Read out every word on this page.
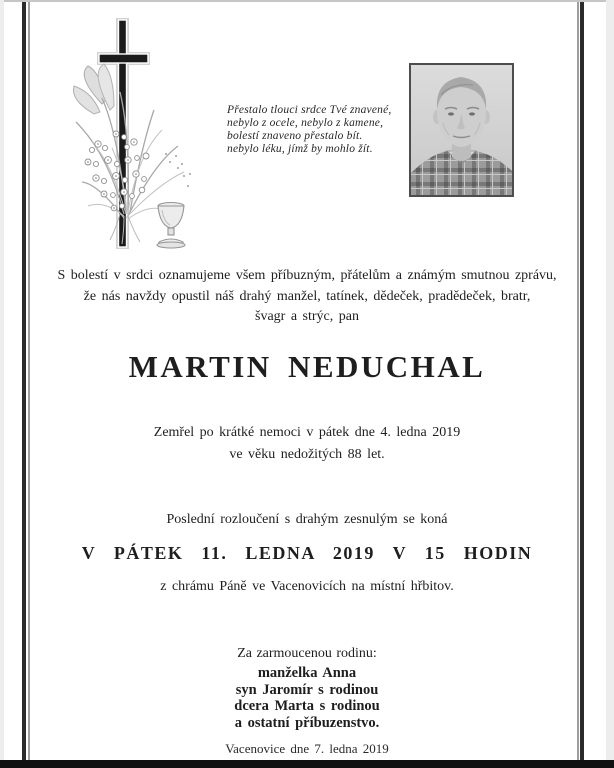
Přestalo tlouci srdce Tvé znavené,
nebylo z ocele, nebylo z kamene,
bolestí znaveno přestalo bít.
nebylo léku, jímž by mohlo žít.
S bolestí v srdci oznamujeme všem příbuzným, přátelům a známým smutnou zprávu,
že nás navždy opustil náš drahý manžel, tatínek, dědeček, pradědeček, bratr,
švagr a strýc, pan
MARTIN NEDUCHAL
Zemřel po krátké nemoci v pátek dne 4. ledna 2019
ve věku nedožitých 88 let.
Poslední rozloučení s drahým zesnulým se koná
V PÁTEK 11. LEDNA 2019 V 15 HODIN
z chrámu Páně ve Vacenovicích na místní hřbitov.
Za zarmoucenou rodinu:
manželka Anna
syn Jaromír s rodinou
dcera Marta s rodinou
a ostatní příbuzenstvo.
Vacenovice dne 7. ledna 2019
